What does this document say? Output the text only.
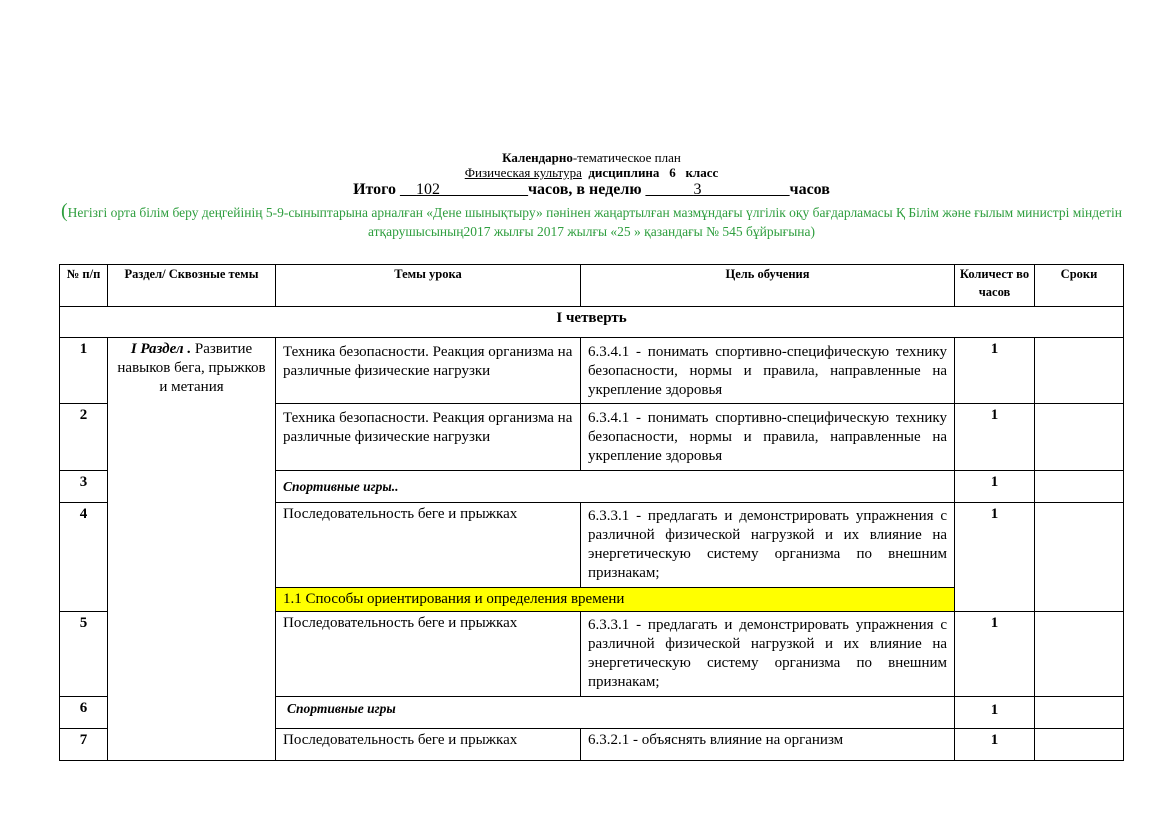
Календарно-тематическое план
Физическая культура дисциплина 6 класс
Итого __102___________часов, в неделю ______3___________часов
(Негізгі орта білім беру деңгейінің 5-9-сыныптарына арналған «Дене шынықтыру» пәнінен жаңартылған мазмұндағы үлгілік оқу бағдарламасы Қ Білім және ғылым министрі міндетін атқарушысының2017 жылғы 2017 жылғы «25 » қазандағы № 545 бұйрығына)
№ п/п	Раздел/ Сквозные темы	Темы урока	Цель обучения	Количест во часов	Сроки
I четверть					
1	I Раздел . Развитие навыков бега, прыжков и метания	Техника безопасности. Реакция организма на различные физические нагрузки	6.3.4.1 - понимать спортивно-специфическую технику безопасности, нормы и правила, направленные на укрепление здоровья	1	
2		Техника безопасности. Реакция организма на различные физические нагрузки	6.3.4.1 - понимать спортивно-специфическую технику безопасности, нормы и правила, направленные на укрепление здоровья	1	
3		Спортивные игры..		1	
4		Последовательность беге и прыжках	6.3.3.1 - предлагать и демонстрировать упражнения с различной физической нагрузкой и их влияние на энергетическую систему организма по внешним признакам;	1	
		1.1 Способы ориентирования и определения времени			
5		Последовательность беге и прыжках	6.3.3.1 - предлагать и демонстрировать упражнения с различной физической нагрузкой и их влияние на энергетическую систему организма по внешним признакам;	1	
6		Спортивные игры		1	
7		Последовательность беге и прыжках	6.3.2.1 - объяснять влияние на организм	1	
